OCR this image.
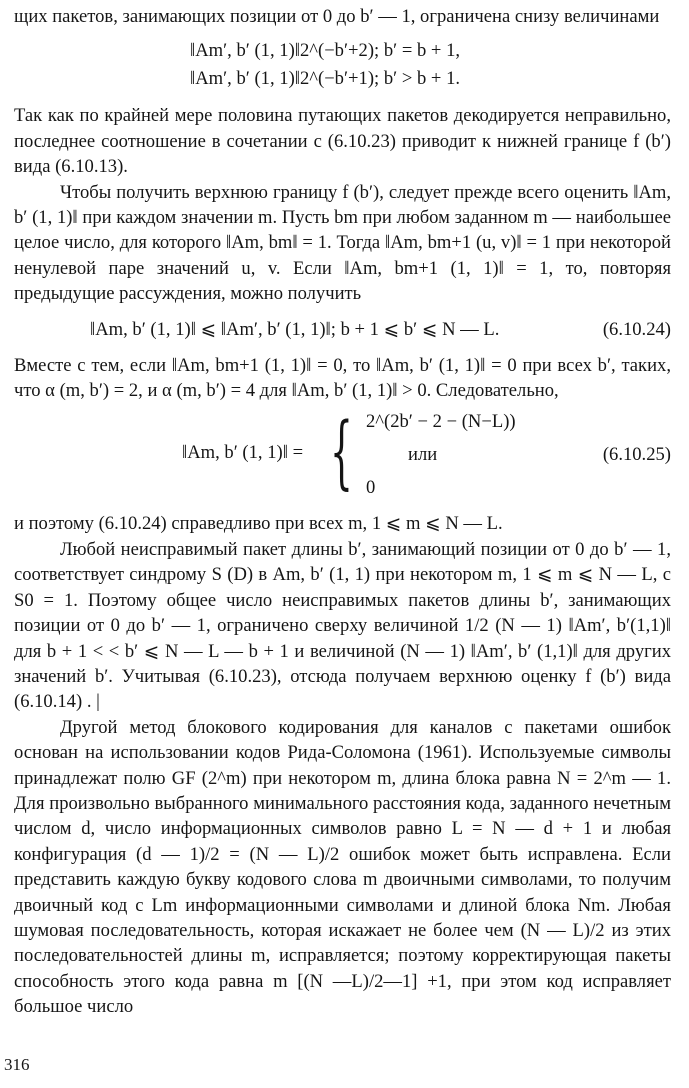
щих пакетов, занимающих позиции от 0 до b′ — 1, ограничена снизу величинами

‖Am′, b′ (1, 1)‖2^(−b′+2); b′ = b + 1,
‖Am′, b′ (1, 1)‖2^(−b′+1); b′ > b + 1.

Так как по крайней мере половина путающих пакетов декодируется неправильно, последнее соотношение в сочетании с (6.10.23) приводит к нижней границе f (b′) вида (6.10.13).

Чтобы получить верхнюю границу f (b′), следует прежде всего оценить ‖Am, b′ (1, 1)‖ при каждом значении m. Пусть bm при любом заданном m — наибольшее целое число, для которого ‖Am, bm‖ = 1. Тогда ‖Am, bm+1 (u, v)‖ = 1 при некоторой ненулевой паре значений u, v. Если ‖Am, bm+1 (1, 1)‖ = 1, то, повторяя предыдущие рассуждения, можно получить

‖Am, b′ (1, 1)‖ ⩽ ‖Am′, b′ (1, 1)‖; b + 1 ⩽ b′ ⩽ N — L.	(6.10.24)

Вместе с тем, если ‖Am, bm+1 (1, 1)‖ = 0, то ‖Am, b′ (1, 1)‖ = 0 при всех b′, таких, что α (m, b′) = 2, и α (m, b′) = 4 для ‖Am, b′ (1, 1)‖ > 0. Следовательно,

‖Am, b′ (1, 1)‖ = { 2^(2b′ − 2 − (N−L))
или
0
(6.10.25)

и поэтому (6.10.24) справедливо при всех m, 1 ⩽ m ⩽ N — L.

Любой неисправимый пакет длины b′, занимающий позиции от 0 до b′ — 1, соответствует синдрому S (D) в Am, b′ (1, 1) при некотором m, 1 ⩽ m ⩽ N — L, с S0 = 1. Поэтому общее число неисправимых пакетов длины b′, занимающих позиции от 0 до b′ — 1, ограничено сверху величиной 1/2 (N — 1) ‖Am′, b′(1,1)‖ для b + 1 < < b′ ⩽ N — L — b + 1 и величиной (N — 1) ‖Am′, b′ (1,1)‖ для других значений b′. Учитывая (6.10.23), отсюда получаем верхнюю оценку f (b′) вида (6.10.14) . |

Другой метод блокового кодирования для каналов с пакетами ошибок основан на использовании кодов Рида-Соломона (1961). Используемые символы принадлежат полю GF (2^m) при некотором m, длина блока равна N = 2^m — 1. Для произвольно выбранного минимального расстояния кода, заданного нечетным числом d, число информационных символов равно L = N — d + 1 и любая конфигурация (d — 1)/2 = (N — L)/2 ошибок может быть исправлена. Если представить каждую букву кодового слова m двоичными символами, то получим двоичный код с Lm информационными символами и длиной блока Nm. Любая шумовая последовательность, которая искажает не более чем (N — L)/2 из этих последовательностей длины m, исправляется; поэтому корректирующая пакеты способность этого кода равна m [(N —L)/2—1] +1, при этом код исправляет большое число

316
